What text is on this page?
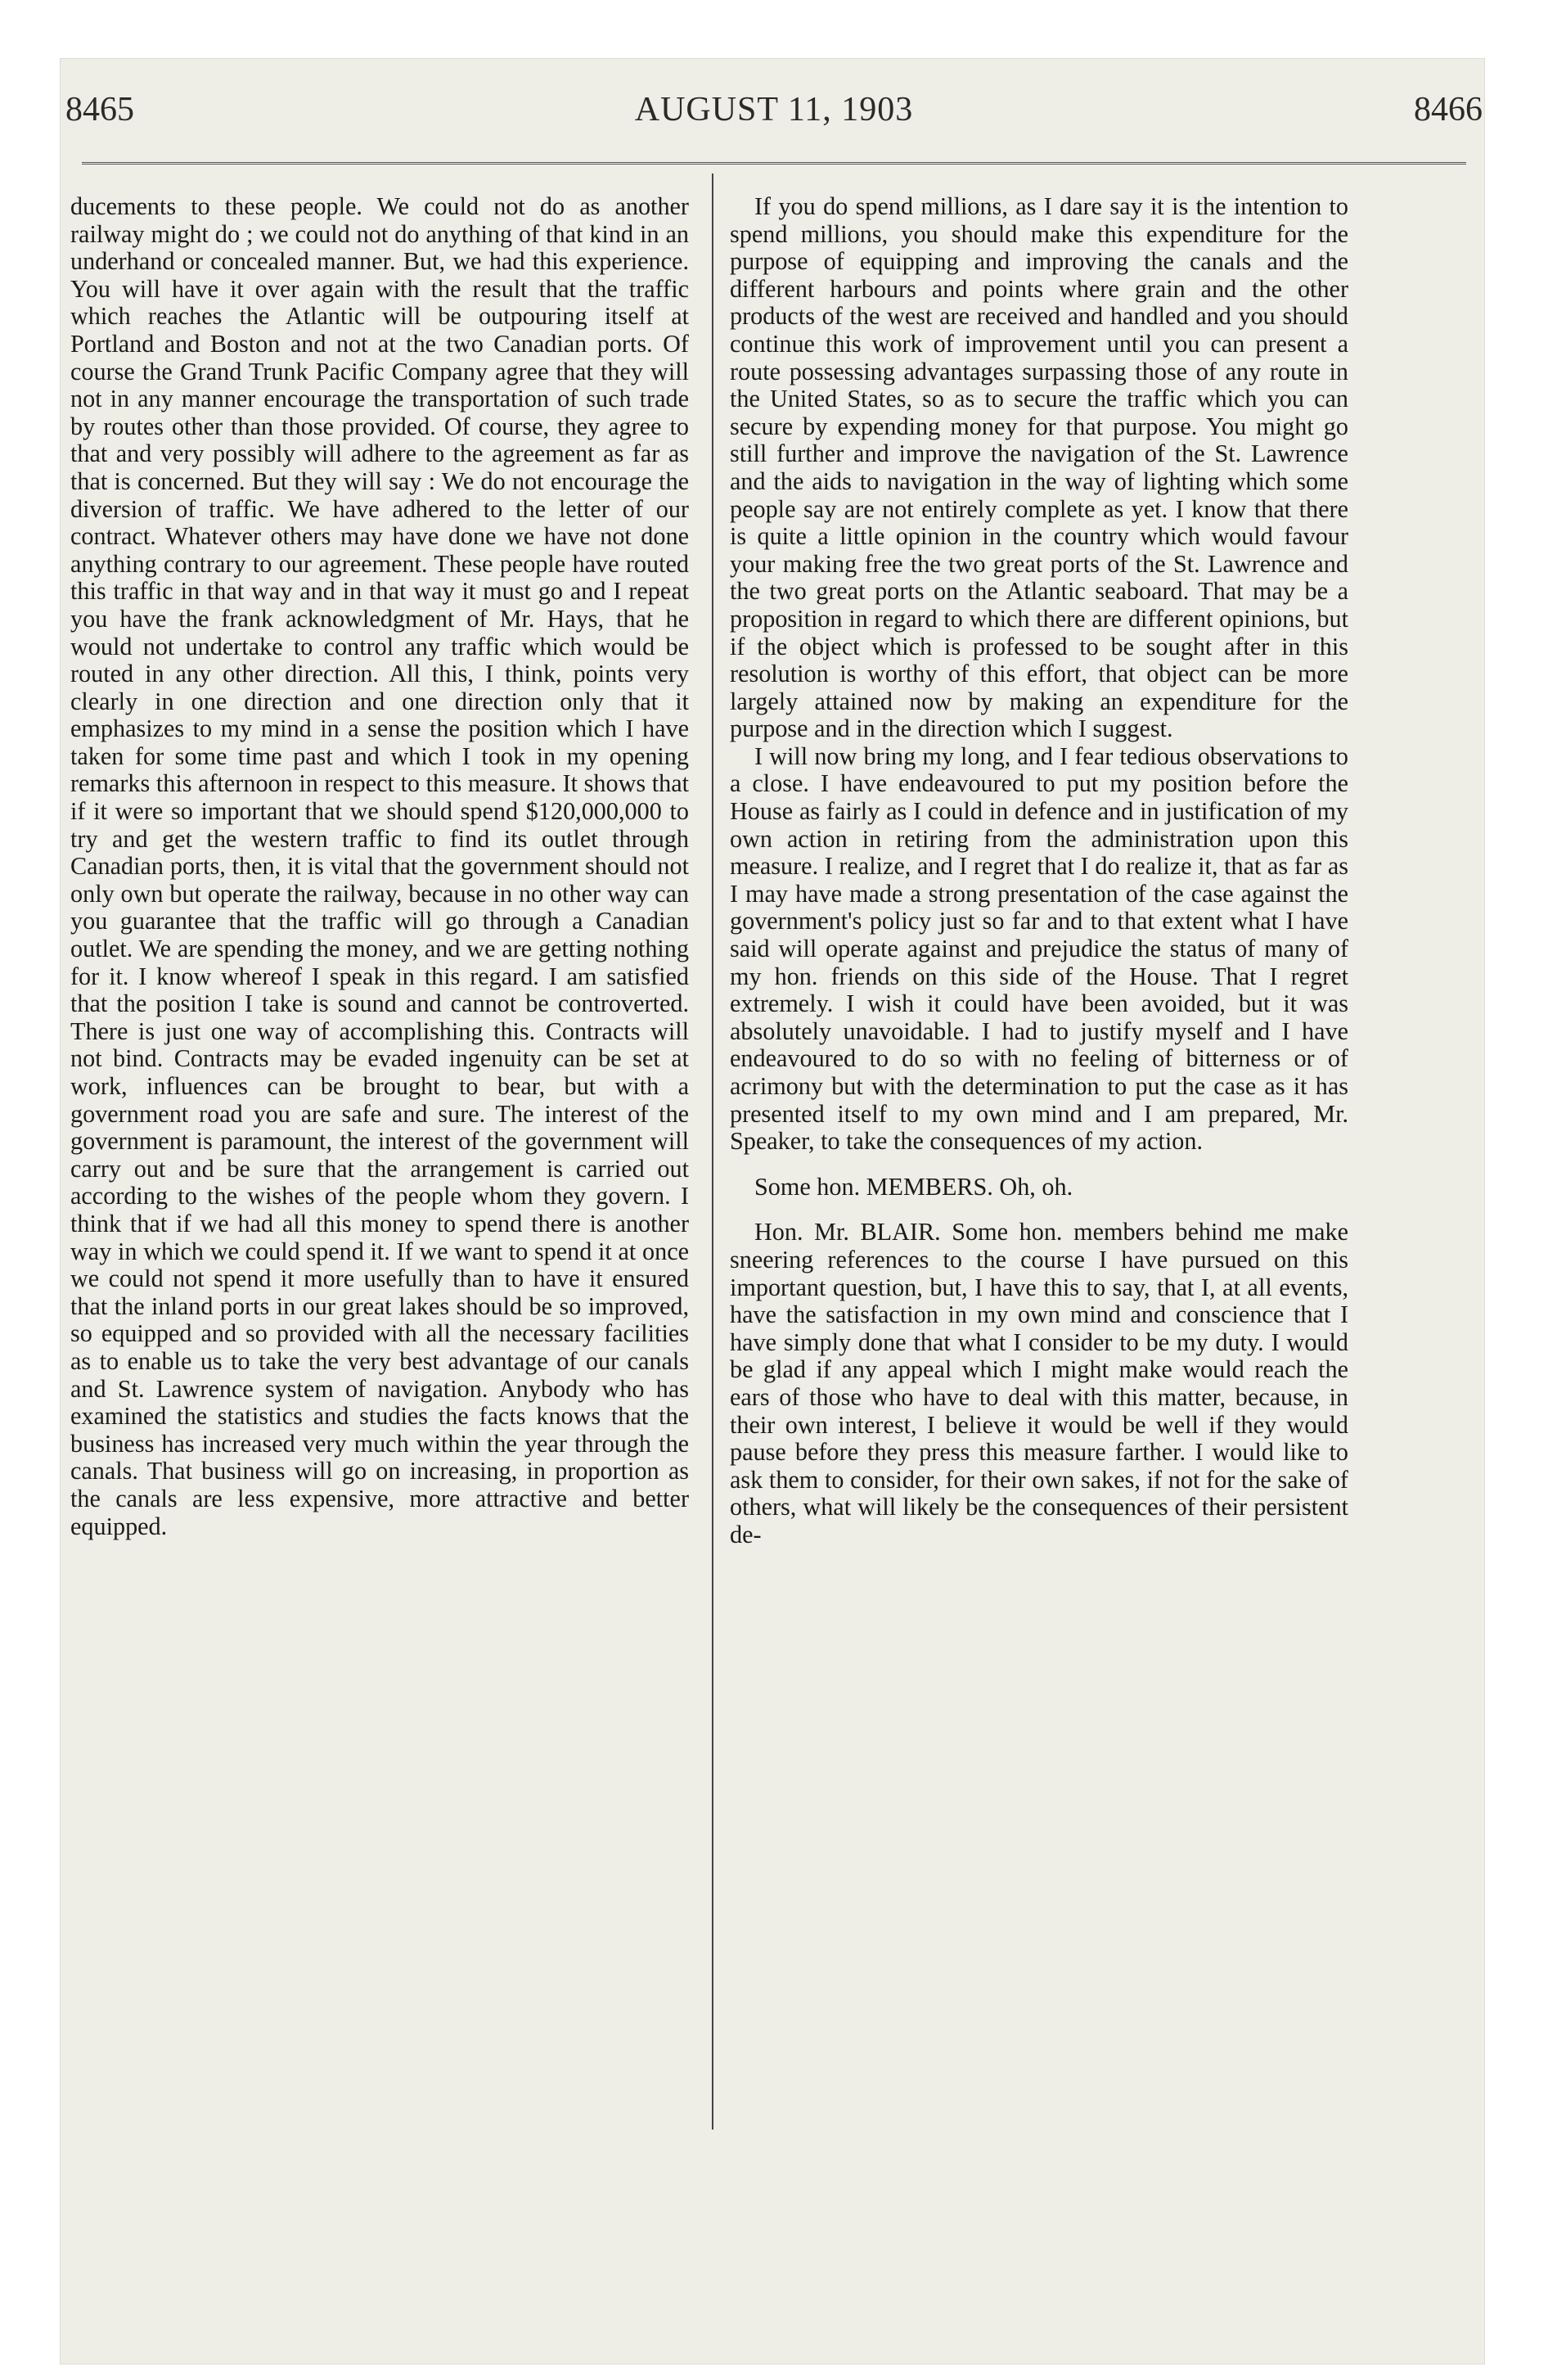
8465	AUGUST 11, 1903	8466

ducements to these people. We could not do as another railway might do ; we could not do anything of that kind in an underhand or concealed manner. But, we had this experience. You will have it over again with the result that the traffic which reaches the Atlantic will be outpouring itself at Portland and Boston and not at the two Canadian ports. Of course the Grand Trunk Pacific Company agree that they will not in any manner encourage the transportation of such trade by routes other than those provided. Of course, they agree to that and very possibly will adhere to the agreement as far as that is concerned. But they will say : We do not encourage the diversion of traffic. We have adhered to the letter of our contract. Whatever others may have done we have not done anything contrary to our agreement. These people have routed this traffic in that way and in that way it must go and I repeat you have the frank acknowledgment of Mr. Hays, that he would not undertake to control any traffic which would be routed in any other direction. All this, I think, points very clearly in one direction and one direction only that it emphasizes to my mind in a sense the position which I have taken for some time past and which I took in my opening remarks this afternoon in respect to this measure. It shows that if it were so important that we should spend $120,000,000 to try and get the western traffic to find its outlet through Canadian ports, then, it is vital that the government should not only own but operate the railway, because in no other way can you guarantee that the traffic will go through a Canadian outlet. We are spending the money, and we are getting nothing for it. I know whereof I speak in this regard. I am satisfied that the position I take is sound and cannot be controverted. There is just one way of accomplishing this. Contracts will not bind. Contracts may be evaded ingenuity can be set at work, influences can be brought to bear, but with a government road you are safe and sure. The interest of the government is paramount, the interest of the government will carry out and be sure that the arrangement is carried out according to the wishes of the people whom they govern. I think that if we had all this money to spend there is another way in which we could spend it. If we want to spend it at once we could not spend it more usefully than to have it ensured that the inland ports in our great lakes should be so improved, so equipped and so provided with all the necessary facilities as to enable us to take the very best advantage of our canals and St. Lawrence system of navigation. Anybody who has examined the statistics and studies the facts knows that the business has increased very much within the year through the canals. That business will go on increasing, in proportion as the canals are less expensive, more attractive and better equipped.

If you do spend millions, as I dare say it is the intention to spend millions, you should make this expenditure for the purpose of equipping and improving the canals and the different harbours and points where grain and the other products of the west are received and handled and you should continue this work of improvement until you can present a route possessing advantages surpassing those of any route in the United States, so as to secure the traffic which you can secure by expending money for that purpose. You might go still further and improve the navigation of the St. Lawrence and the aids to navigation in the way of lighting which some people say are not entirely complete as yet. I know that there is quite a little opinion in the country which would favour your making free the two great ports of the St. Lawrence and the two great ports on the Atlantic seaboard. That may be a proposition in regard to which there are different opinions, but if the object which is professed to be sought after in this resolution is worthy of this effort, that object can be more largely attained now by making an expenditure for the purpose and in the direction which I suggest.

I will now bring my long, and I fear tedious observations to a close. I have endeavoured to put my position before the House as fairly as I could in defence and in justification of my own action in retiring from the administration upon this measure. I realize, and I regret that I do realize it, that as far as I may have made a strong presentation of the case against the government's policy just so far and to that extent what I have said will operate against and prejudice the status of many of my hon. friends on this side of the House. That I regret extremely. I wish it could have been avoided, but it was absolutely unavoidable. I had to justify myself and I have endeavoured to do so with no feeling of bitterness or of acrimony but with the determination to put the case as it has presented itself to my own mind and I am prepared, Mr. Speaker, to take the consequences of my action.

Some hon. MEMBERS. Oh, oh.

Hon. Mr. BLAIR. Some hon. members behind me make sneering references to the course I have pursued on this important question, but, I have this to say, that I, at all events, have the satisfaction in my own mind and conscience that I have simply done that what I consider to be my duty. I would be glad if any appeal which I might make would reach the ears of those who have to deal with this matter, because, in their own interest, I believe it would be well if they would pause before they press this measure farther. I would like to ask them to consider, for their own sakes, if not for the sake of others, what will likely be the consequences of their persistent de-
